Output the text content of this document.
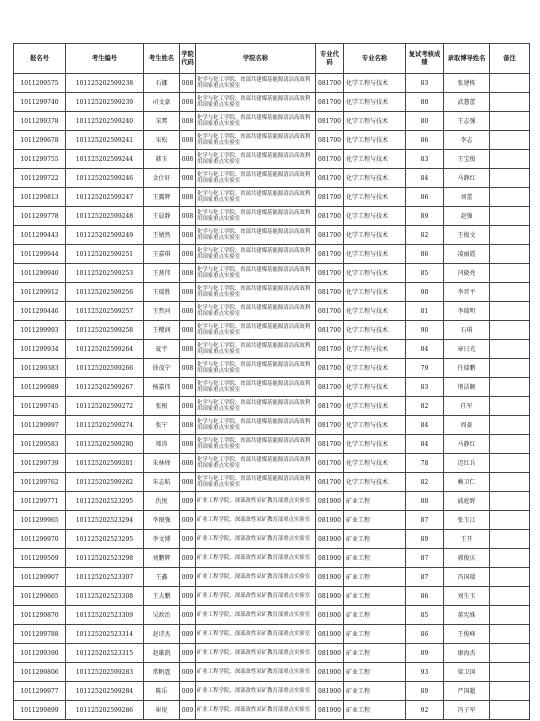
报名号	考生编号	考生姓名	学院代码	学院名称	专业代码	专业名称	复试考核成绩	录取博导姓名	备注
1011299575	101125202599238	石娜	008	化学与化工学院、省部共建煤基能源清洁高效利用国家重点实验室	081700	化学工程与技术	83	张建栋	
1011299740	101125202599239	司文豪	008	化学与化工学院、省部共建煤基能源清洁高效利用国家重点实验室	081700	化学工程与技术	80	武慧蕾	
1011299378	101125202599240	宋霄	008	化学与化工学院、省部共建煤基能源清洁高效利用国家重点实验室	081700	化学工程与技术	80	王志强	
1011299678	101125202599241	宋松	008	化学与化工学院、省部共建煤基能源清洁高效利用国家重点实验室	081700	化学工程与技术	86	李志	
1011299755	101125202599244	韩玉	008	化学与化工学院、省部共建煤基能源清洁高效利用国家重点实验室	081700	化学工程与技术	83	王宝俊	
1011299722	101125202599246	金仕轩	008	化学与化工学院、省部共建煤基能源清洁高效利用国家重点实验室	081700	化学工程与技术	84	马静红	
1011299813	101125202599247	王露辉	008	化学与化工学院、省部共建煤基能源清洁高效利用国家重点实验室	081700	化学工程与技术	86	刘蕾	
1011299778	101125202599248	王晨静	008	化学与化工学院、省部共建煤基能源清洁高效利用国家重点实验室	081700	化学工程与技术	89	赵强	
1011299443	101125202599249	王婧然	008	化学与化工学院、省部共建煤基能源清洁高效利用国家重点实验室	081700	化学工程与技术	82	王俊文	
1011299944	101125202599251	王嘉琪	008	化学与化工学院、省部共建煤基能源清洁高效利用国家重点实验室	081700	化学工程与技术	86	凌丽霞	
1011299940	101125202599253	王燕伟	008	化学与化工学院、省部共建煤基能源清洁高效利用国家重点实验室	081700	化学工程与技术	85	闫晓亮	
1011299912	101125202599256	王瑞胜	008	化学与化工学院、省部共建煤基能源清洁高效利用国家重点实验室	081700	化学工程与技术	90	李晋平	
1011299446	101125202599257	王哲河	008	化学与化工学院、省部共建煤基能源清洁高效利用国家重点实验室	081700	化学工程与技术	81	李瑞明	
1011299993	101125202599258	王樱润	008	化学与化工学院、省部共建煤基能源清洁高效利用国家重点实验室	081700	化学工程与技术	90	石琪	
1011299934	101125202599264	夏宇	008	化学与化工学院、省部共建煤基能源清洁高效利用国家重点实验室	081700	化学工程与技术	84	章日光	
1011299383	101125202599266	徐茂宁	008	化学与化工学院、省部共建煤基能源清洁高效利用国家重点实验室	081700	化学工程与技术	79	任瑞鹏	
1011299989	101125202599267	杨嘉伟	008	化学与化工学院、省部共建煤基能源清洁高效利用国家重点实验室	081700	化学工程与技术	83	荆洁颖	
1011299745	101125202599272	张根	008	化学与化工学院、省部共建煤基能源清洁高效利用国家重点实验室	081700	化学工程与技术	82	任军	
1011299997	101125202599274	张宁	008	化学与化工学院、省部共建煤基能源清洁高效利用国家重点实验室	081700	化学工程与技术	84	周豪	
1011299583	101125202599280	郑涛	008	化学与化工学院、省部共建煤基能源清洁高效利用国家重点实验室	081700	化学工程与技术	84	马静红	
1011299739	101125202599281	朱林烽	008	化学与化工学院、省部共建煤基能源清洁高效利用国家重点实验室	081700	化学工程与技术	78	迟红兵	
1011299762	101125202599282	朱志航	008	化学与化工学院、省部共建煤基能源清洁高效利用国家重点实验室	081700	化学工程与技术	82	赖卫仁	
1011299771	101125202523295	仇悦	009	矿业工程学院、深部改性采矿教育部重点实验室	081900	矿业工程	88	戚庭野	
1011299965	101125202523294	李图强	009	矿业工程学院、深部改性采矿教育部重点实验室	081900	矿业工程	87	张玉江	
1011299970	101125202523295	李文博	009	矿业工程学院、深部改性采矿教育部重点实验室	081900	矿业工程	89	王开	
1011299509	101125202523298	刘鹏辉	009	矿业工程学院、深部改性采矿教育部重点实验室	081900	矿业工程	87	郭俊庆	
1011299907	101125202523307	王鑫	009	矿业工程学院、深部改性采矿教育部重点实验室	081900	矿业工程	87	冯国瑞	
1011299665	101125202523308	王大鹏	009	矿业工程学院、深部改性采矿教育部重点实验室	081900	矿业工程	86	刘生玉	
1011299870	101125202523309	吴政治	009	矿业工程学院、深部改性采矿教育部重点实验室	081900	矿业工程	85	董宪姝	
1011299788	101125202523314	赵诗杰	009	矿业工程学院、深部改性采矿教育部重点实验室	081900	矿业工程	86	王俊峰	
1011299390	101125202523315	赵雄凯	009	矿业工程学院、深部改性采矿教育部重点实验室	081900	矿业工程	89	康海杰	
1011299806	101125202599283	常帆霆	009	矿业工程学院、深部改性采矿教育部重点实验室	081900	矿业工程	93	梁卫国	
1011299977	101125202599284	陈乐	009	矿业工程学院、深部改性采矿教育部重点实验室	081900	矿业工程	89	严国超	
1011299899	101125202599286	崔锐	009	矿业工程学院、深部改性采矿教育部重点实验室	081900	矿业工程	92	冯子军	
